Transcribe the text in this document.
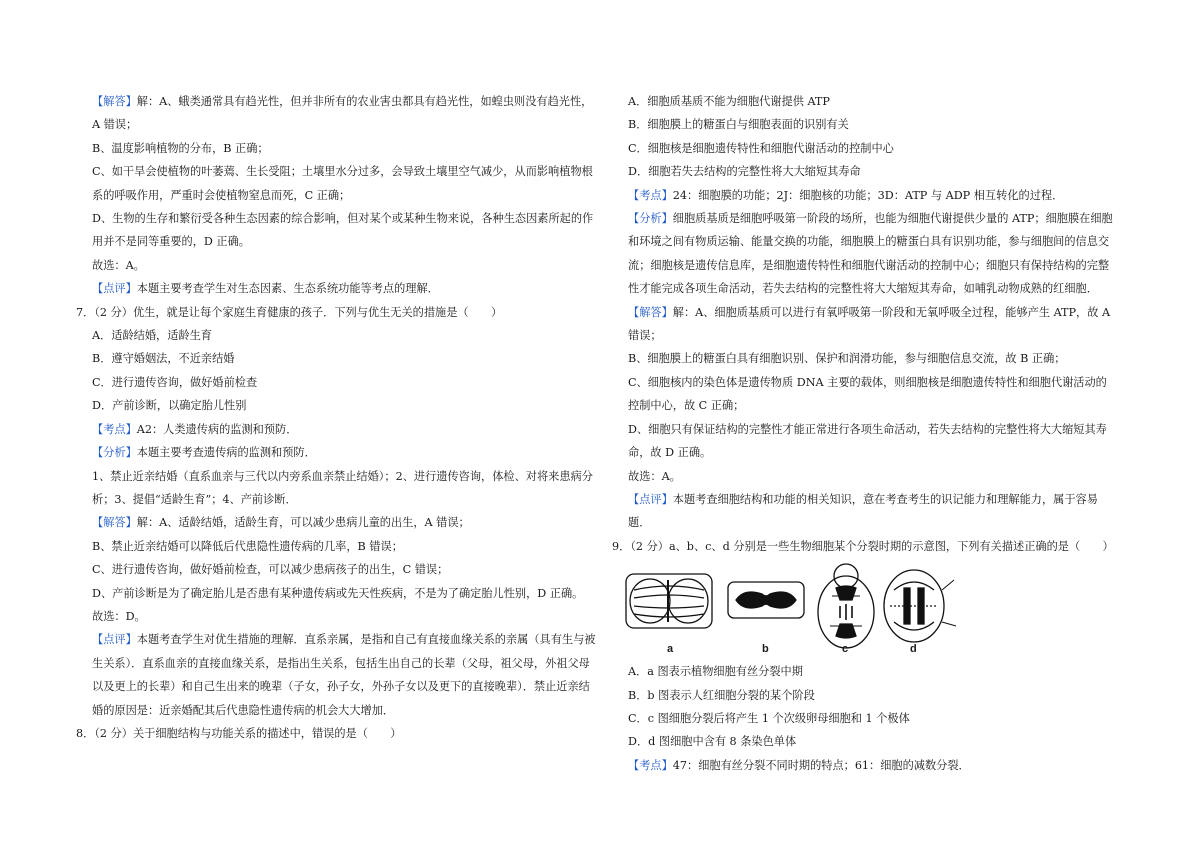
【解答】解：A、蛾类通常具有趋光性，但并非所有的农业害虫都具有趋光性，如蝗虫则没有趋光性，A 错误；

B、温度影响植物的分布，B 正确；

C、如干旱会使植物的叶萎蔫、生长受阻；土壤里水分过多，会导致土壤里空气减少，从而影响植物根系的呼吸作用，严重时会使植物窒息而死，C 正确；

D、生物的生存和繁衍受各种生态因素的综合影响，但对某个或某种生物来说，各种生态因素所起的作用并不是同等重要的，D 正确。

故选：A。

【点评】本题主要考查学生对生态因素、生态系统功能等考点的理解．

7．（2 分）优生，就是让每个家庭生育健康的孩子．下列与优生无关的措施是（　　）

A．适龄结婚，适龄生育

B．遵守婚姻法，不近亲结婚

C．进行遗传咨询，做好婚前检查

D．产前诊断，以确定胎儿性别

【考点】A2：人类遗传病的监测和预防．

【分析】本题主要考查遗传病的监测和预防．

1、禁止近亲结婚（直系血亲与三代以内旁系血亲禁止结婚）；2、进行遗传咨询，体检、对将来患病分析；3、提倡“适龄生育”；4、产前诊断．

【解答】解：A、适龄结婚，适龄生育，可以减少患病儿童的出生，A 错误；

B、禁止近亲结婚可以降低后代患隐性遗传病的几率，B 错误；

C、进行遗传咨询，做好婚前检查，可以减少患病孩子的出生，C 错误；

D、产前诊断是为了确定胎儿是否患有某种遗传病或先天性疾病，不是为了确定胎儿性别，D 正确。

故选：D。

【点评】本题考查学生对优生措施的理解．直系亲属，是指和自己有直接血缘关系的亲属（具有生与被生关系）．直系血亲的直接血缘关系，是指出生关系，包括生出自己的长辈（父母，祖父母，外祖父母以及更上的长辈）和自己生出来的晚辈（子女，孙子女，外孙子女以及更下的直接晚辈）．禁止近亲结婚的原因是：近亲婚配其后代患隐性遗传病的机会大大增加．

8．（2 分）关于细胞结构与功能关系的描述中，错误的是（　　）

A．细胞质基质不能为细胞代谢提供 ATP

B．细胞膜上的糖蛋白与细胞表面的识别有关

C．细胞核是细胞遗传特性和细胞代谢活动的控制中心

D．细胞若失去结构的完整性将大大缩短其寿命

【考点】24：细胞膜的功能；2J：细胞核的功能；3D：ATP 与 ADP 相互转化的过程．

【分析】细胞质基质是细胞呼吸第一阶段的场所，也能为细胞代谢提供少量的 ATP；细胞膜在细胞和环境之间有物质运输、能量交换的功能，细胞膜上的糖蛋白具有识别功能，参与细胞间的信息交流；细胞核是遗传信息库，是细胞遗传特性和细胞代谢活动的控制中心；细胞只有保持结构的完整性才能完成各项生命活动，若失去结构的完整性将大大缩短其寿命，如哺乳动物成熟的红细胞．

【解答】解：A、细胞质基质可以进行有氧呼吸第一阶段和无氧呼吸全过程，能够产生 ATP，故 A 错误；

B、细胞膜上的糖蛋白具有细胞识别、保护和润滑功能，参与细胞信息交流，故 B 正确；

C、细胞核内的染色体是遗传物质 DNA 主要的载体，则细胞核是细胞遗传特性和细胞代谢活动的控制中心，故 C 正确；

D、细胞只有保证结构的完整性才能正常进行各项生命活动，若失去结构的完整性将大大缩短其寿命，故 D 正确。

故选：A。

【点评】本题考查细胞结构和功能的相关知识，意在考查考生的识记能力和理解能力，属于容易题．

9．（2 分）a、b、c、d 分别是一些生物细胞某个分裂时期的示意图，下列有关描述正确的是（　　）

a	b	c	d

A．a 图表示植物细胞有丝分裂中期

B．b 图表示人红细胞分裂的某个阶段

C．c 图细胞分裂后将产生 1 个次级卵母细胞和 1 个极体

D．d 图细胞中含有 8 条染色单体

【考点】47：细胞有丝分裂不同时期的特点；61：细胞的减数分裂．
